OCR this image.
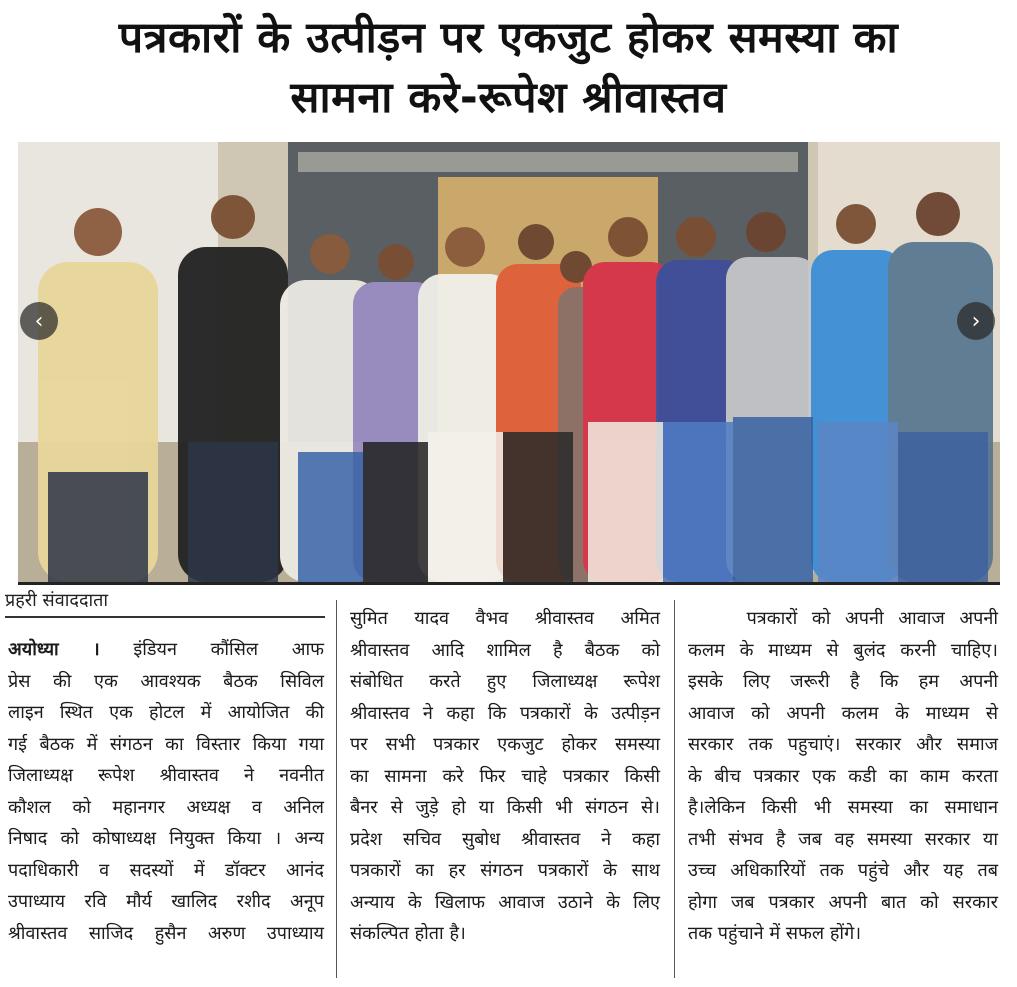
पत्रकारों के उत्पीड़न पर एकजुट होकर समस्या का
सामना करे-रूपेश श्रीवास्तव
‹	›
प्रहरी संवाददाता
अयोध्या । इंडियन कौंसिल आफ
प्रेस की एक आवश्यक बैठक सिविल
लाइन स्थित एक होटल में आयोजित की
गई बैठक में संगठन का विस्तार किया गया
जिलाध्यक्ष रूपेश श्रीवास्तव ने नवनीत
कौशल को महानगर अध्यक्ष व अनिल
निषाद को कोषाध्यक्ष नियुक्त किया । अन्य
पदाधिकारी व सदस्यों में डॉक्टर आनंद
उपाध्याय रवि मौर्य खालिद रशीद अनूप
श्रीवास्तव साजिद हुसैन अरुण उपाध्याय
सुमित यादव वैभव श्रीवास्तव अमित
श्रीवास्तव आदि शामिल है बैठक को
संबोधित करते हुए जिलाध्यक्ष रूपेश
श्रीवास्तव ने कहा कि पत्रकारों के उत्पीड़न
पर सभी पत्रकार एकजुट होकर समस्या
का सामना करे फिर चाहे पत्रकार किसी
बैनर से जुड़े हो या किसी भी संगठन से।
प्रदेश सचिव सुबोध श्रीवास्तव ने कहा
पत्रकारों का हर संगठन पत्रकारों के साथ
अन्याय के खिलाफ आवाज उठाने के लिए
संकल्पित होता है।
पत्रकारों को अपनी आवाज अपनी
कलम के माध्यम से बुलंद करनी चाहिए।
इसके लिए जरूरी है कि हम अपनी
आवाज को अपनी कलम के माध्यम से
सरकार तक पहुचाएं। सरकार और समाज
के बीच पत्रकार एक कडी का काम करता
है।लेकिन किसी भी समस्या का समाधान
तभी संभव है जब वह समस्या सरकार या
उच्च अधिकारियों तक पहुंचे और यह तब
होगा जब पत्रकार अपनी बात को सरकार
तक पहुंचाने में सफल होंगे।
